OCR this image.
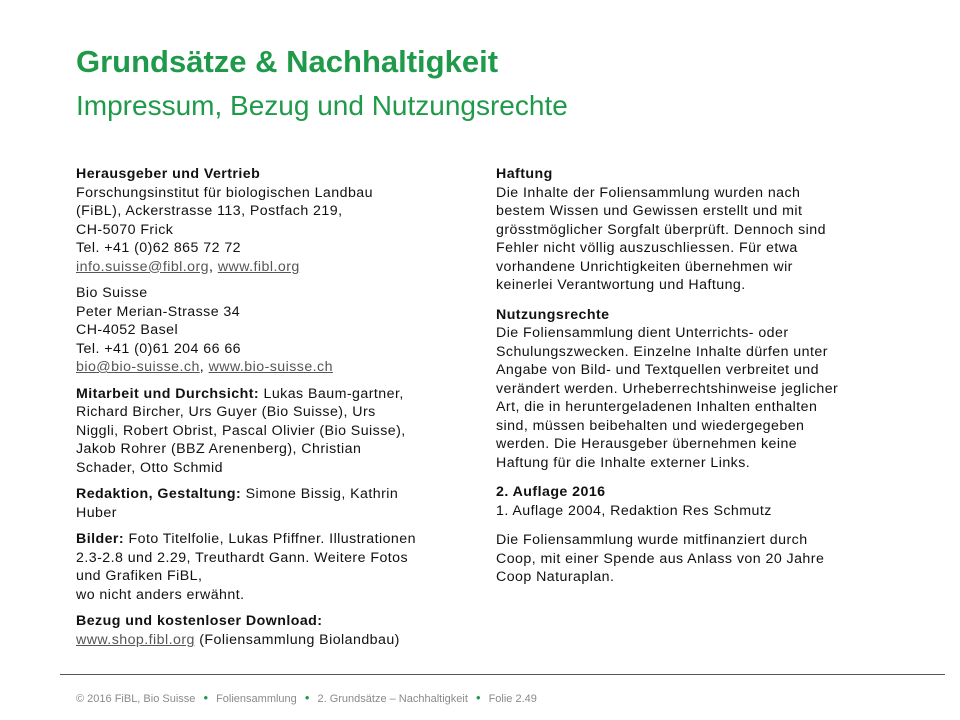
Grundsätze & Nachhaltigkeit
Impressum, Bezug und Nutzungsrechte
Herausgeber und Vertrieb
Forschungsinstitut für biologischen Landbau
(FiBL), Ackerstrasse 113, Postfach 219,
CH-5070 Frick
Tel. +41 (0)62 865 72 72
info.suisse@fibl.org, www.fibl.org
Bio Suisse
Peter Merian-Strasse 34
CH-4052 Basel
Tel. +41 (0)61 204 66 66
bio@bio-suisse.ch, www.bio-suisse.ch
Mitarbeit und Durchsicht: Lukas Baum-gartner,
Richard Bircher, Urs Guyer (Bio Suisse), Urs
Niggli, Robert Obrist, Pascal Olivier (Bio Suisse),
Jakob Rohrer (BBZ Arenenberg), Christian
Schader, Otto Schmid
Redaktion, Gestaltung: Simone Bissig, Kathrin
Huber
Bilder: Foto Titelfolie, Lukas Pfiffner. Illustrationen
2.3-2.8 und 2.29, Treuthardt Gann. Weitere Fotos
und Grafiken FiBL,
wo nicht anders erwähnt.
Bezug und kostenloser Download:
www.shop.fibl.org (Foliensammlung Biolandbau)
Haftung
Die Inhalte der Foliensammlung wurden nach
bestem Wissen und Gewissen erstellt und mit
grösstmöglicher Sorgfalt überprüft. Dennoch sind
Fehler nicht völlig auszuschliessen. Für etwa
vorhandene Unrichtigkeiten übernehmen wir
keinerlei Verantwortung und Haftung.
Nutzungsrechte
Die Foliensammlung dient Unterrichts- oder
Schulungszwecken. Einzelne Inhalte dürfen unter
Angabe von Bild- und Textquellen verbreitet und
verändert werden. Urheberrechtshinweise jeglicher
Art, die in heruntergeladenen Inhalten enthalten
sind, müssen beibehalten und wiedergegeben
werden. Die Herausgeber übernehmen keine
Haftung für die Inhalte externer Links.
2. Auflage 2016
1. Auflage 2004, Redaktion Res Schmutz
Die Foliensammlung wurde mitfinanziert durch
Coop, mit einer Spende aus Anlass von 20 Jahre
Coop Naturaplan.
© 2016 FiBL, Bio Suisse • Foliensammlung • 2. Grundsätze – Nachhaltigkeit • Folie 2.49
